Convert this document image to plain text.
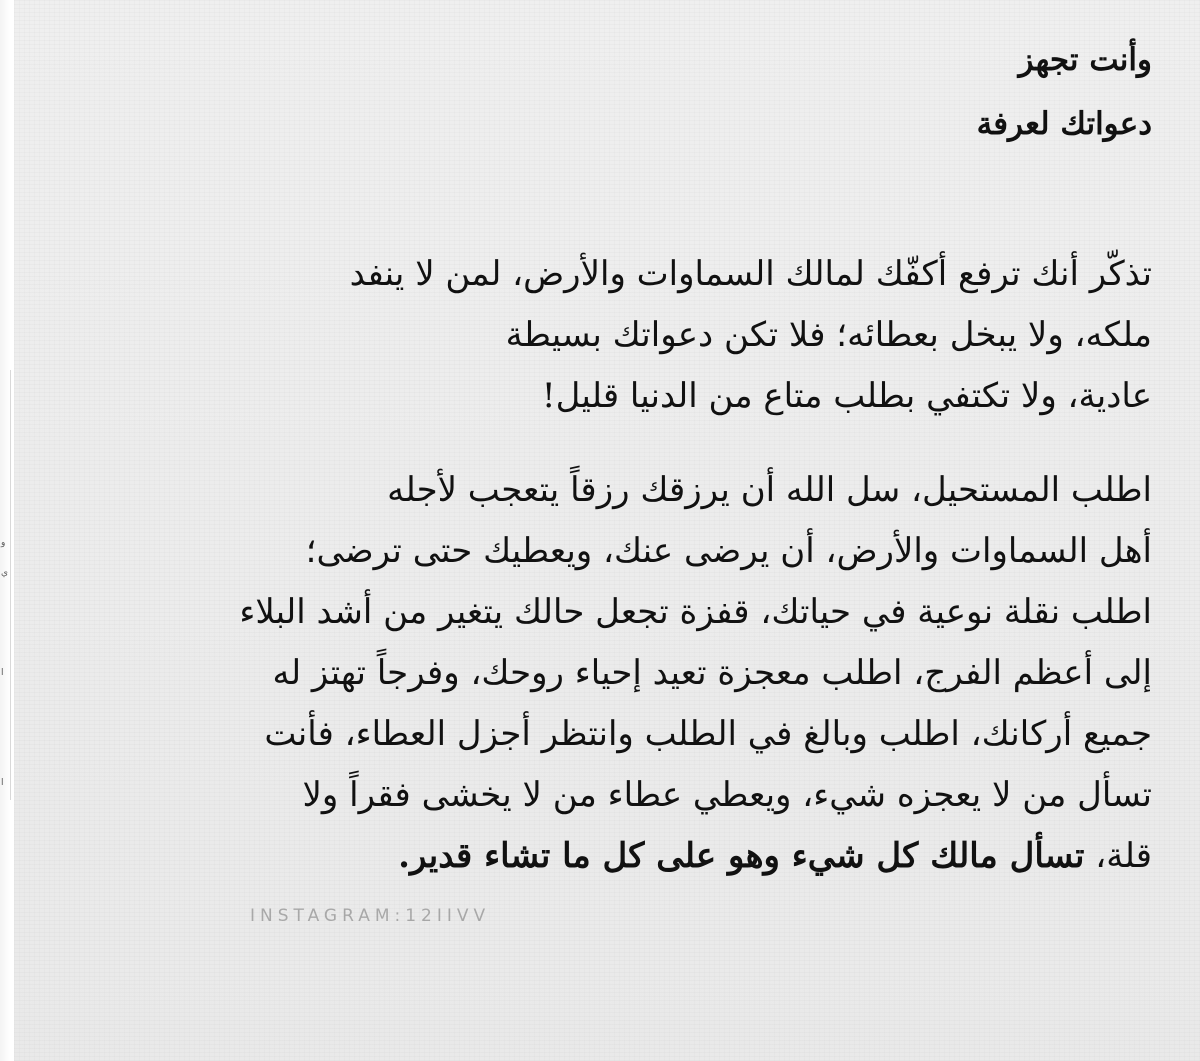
و
ي
ا
ا
وأنت تجهز
دعواتك لعرفة

تذكّر أنك ترفع أكفّك لمالك السماوات والأرض، لمن لا ينفد
ملكه، ولا يبخل بعطائه؛ فلا تكن دعواتك بسيطة
عادية، ولا تكتفي بطلب متاع من الدنيا قليل!

اطلب المستحيل، سل الله أن يرزقك رزقاً يتعجب لأجله
أهل السماوات والأرض، أن يرضى عنك، ويعطيك حتى ترضى؛
اطلب نقلة نوعية في حياتك، قفزة تجعل حالك يتغير من أشد البلاء
إلى أعظم الفرج، اطلب معجزة تعيد إحياء روحك، وفرجاً تهتز له
جميع أركانك، اطلب وبالغ في الطلب وانتظر أجزل العطاء، فأنت
تسأل من لا يعجزه شيء، ويعطي عطاء من لا يخشى فقراً ولا
قلة، تسأل مالك كل شيء وهو على كل ما تشاء قدير.

INSTAGRAM:12IIVV
